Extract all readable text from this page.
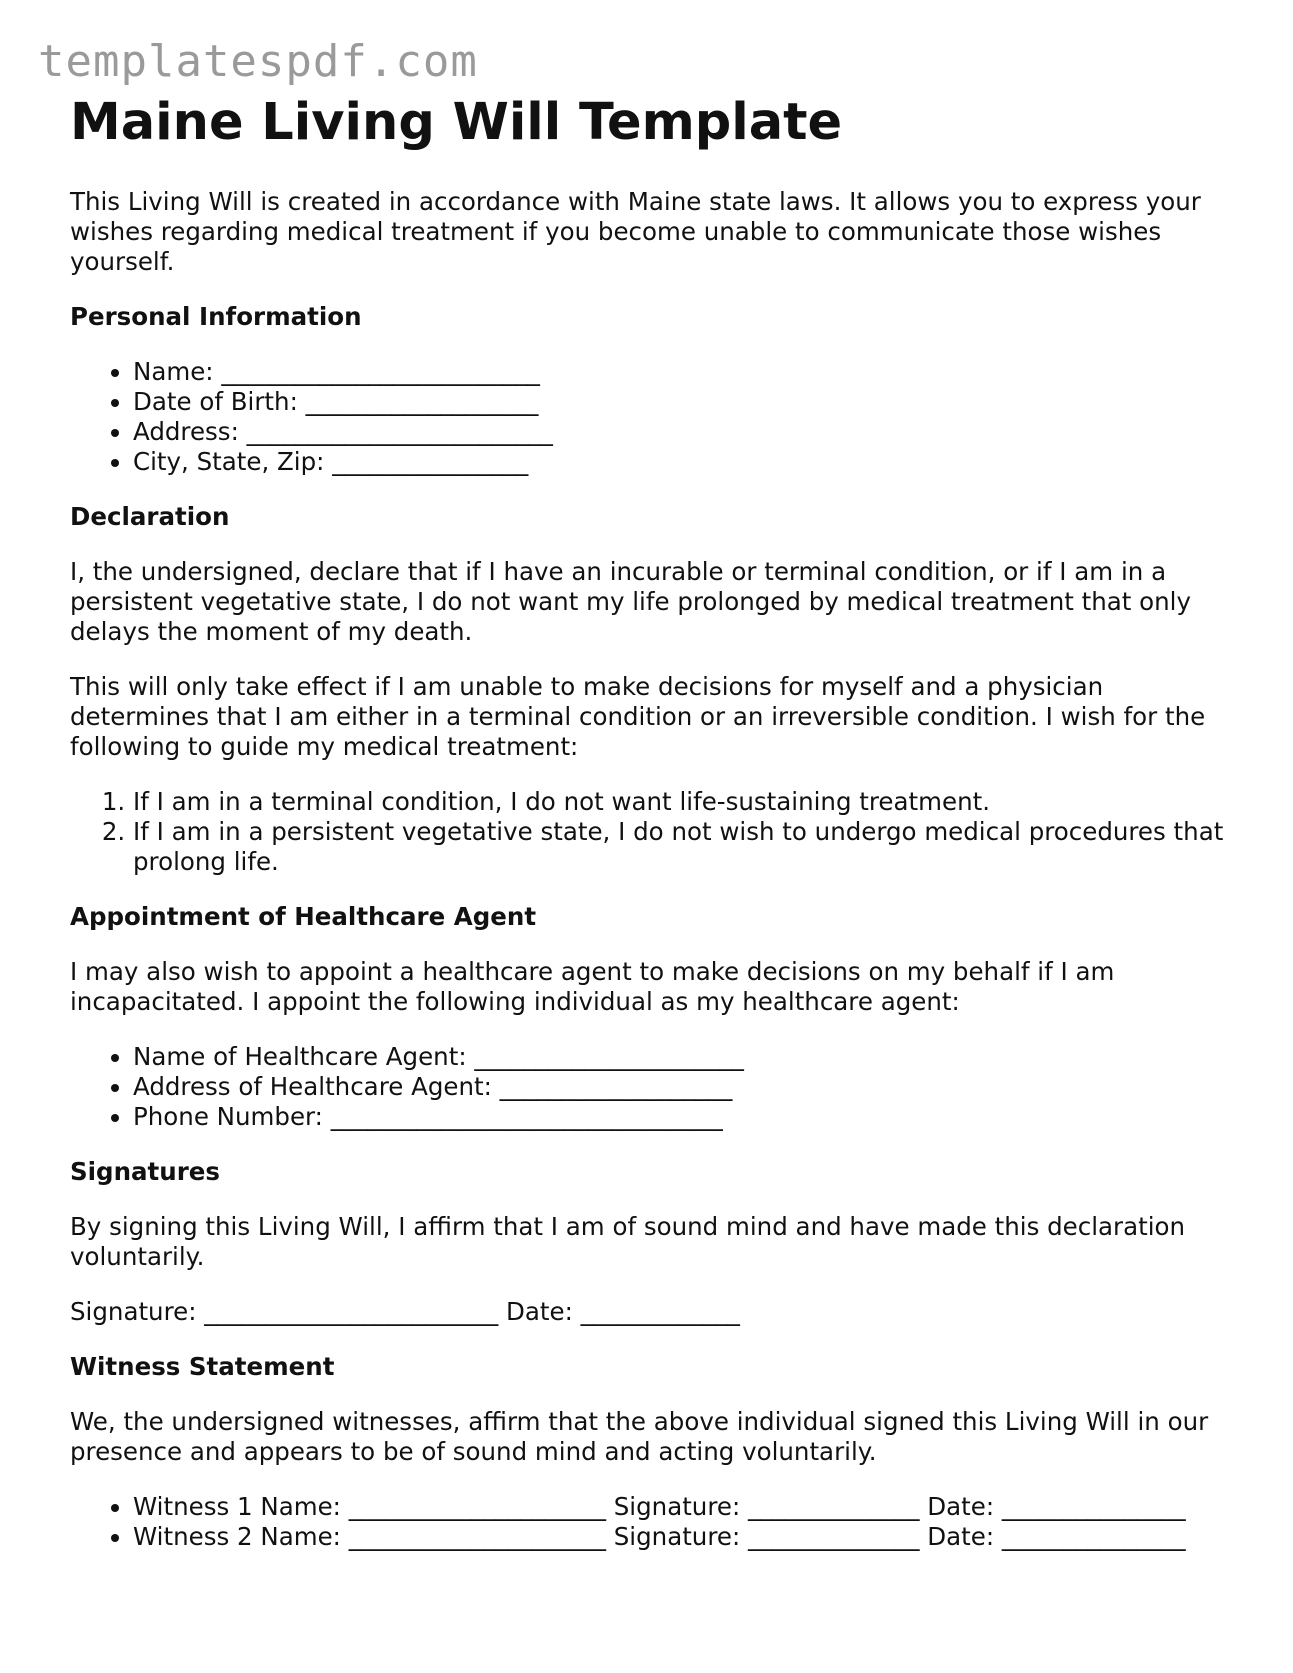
templatespdf.com
Maine Living Will Template

This Living Will is created in accordance with Maine state laws. It allows you to express your wishes regarding medical treatment if you become unable to communicate those wishes yourself.

Personal Information
• Name: __________________________
• Date of Birth: ___________________
• Address: _________________________
• City, State, Zip: ________________
Declaration

I, the undersigned, declare that if I have an incurable or terminal condition, or if I am in a persistent vegetative state, I do not want my life prolonged by medical treatment that only delays the moment of my death.

This will only take effect if I am unable to make decisions for myself and a physician determines that I am either in a terminal condition or an irreversible condition. I wish for the following to guide my medical treatment:

1. If I am in a terminal condition, I do not want life-sustaining treatment.
2. If I am in a persistent vegetative state, I do not wish to undergo medical procedures that prolong life.
Appointment of Healthcare Agent

I may also wish to appoint a healthcare agent to make decisions on my behalf if I am incapacitated. I appoint the following individual as my healthcare agent:

• Name of Healthcare Agent: ______________________
• Address of Healthcare Agent: ___________________
• Phone Number: ________________________________
Signatures

By signing this Living Will, I affirm that I am of sound mind and have made this declaration voluntarily.

Signature: ________________________ Date: _____________

Witness Statement

We, the undersigned witnesses, affirm that the above individual signed this Living Will in our presence and appears to be of sound mind and acting voluntarily.

• Witness 1 Name: _____________________ Signature: ______________ Date: _______________
• Witness 2 Name: _____________________ Signature: ______________ Date: _______________
